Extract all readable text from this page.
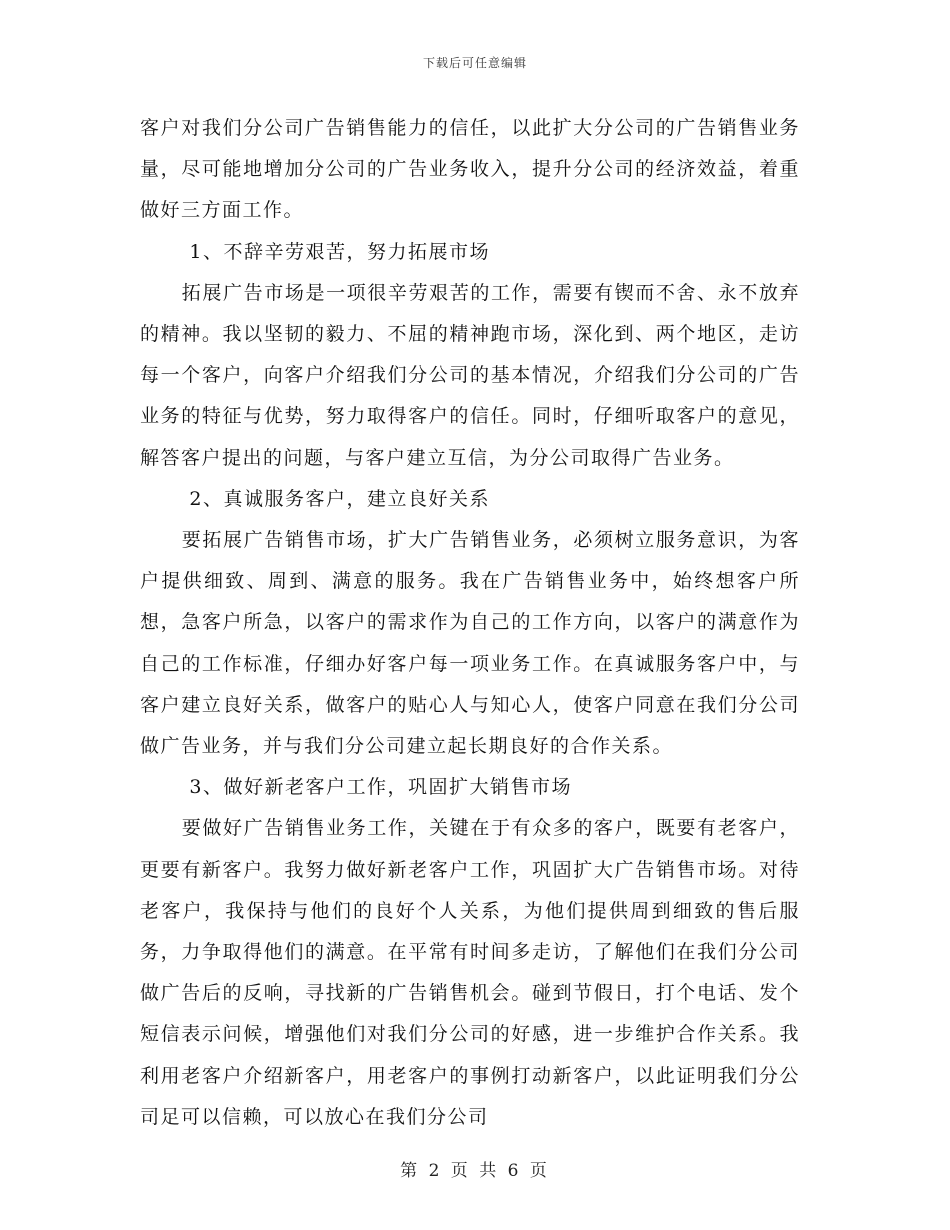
下载后可任意编辑

客户对我们分公司广告销售能力的信任，以此扩大分公司的广告销售业务量，尽可能地增加分公司的广告业务收入，提升分公司的经济效益，着重做好三方面工作。

1、不辞辛劳艰苦，努力拓展市场

拓展广告市场是一项很辛劳艰苦的工作，需要有锲而不舍、永不放弃的精神。我以坚韧的毅力、不屈的精神跑市场，深化到、两个地区，走访每一个客户，向客户介绍我们分公司的基本情况，介绍我们分公司的广告业务的特征与优势，努力取得客户的信任。同时，仔细听取客户的意见，解答客户提出的问题，与客户建立互信，为分公司取得广告业务。

2、真诚服务客户，建立良好关系

要拓展广告销售市场，扩大广告销售业务，必须树立服务意识，为客户提供细致、周到、满意的服务。我在广告销售业务中，始终想客户所想，急客户所急，以客户的需求作为自己的工作方向，以客户的满意作为自己的工作标准，仔细办好客户每一项业务工作。在真诚服务客户中，与客户建立良好关系，做客户的贴心人与知心人，使客户同意在我们分公司做广告业务，并与我们分公司建立起长期良好的合作关系。

3、做好新老客户工作，巩固扩大销售市场

要做好广告销售业务工作，关键在于有众多的客户，既要有老客户，更要有新客户。我努力做好新老客户工作，巩固扩大广告销售市场。对待老客户，我保持与他们的良好个人关系，为他们提供周到细致的售后服务，力争取得他们的满意。在平常有时间多走访，了解他们在我们分公司做广告后的反响，寻找新的广告销售机会。碰到节假日，打个电话、发个短信表示问候，增强他们对我们分公司的好感，进一步维护合作关系。我利用老客户介绍新客户，用老客户的事例打动新客户，以此证明我们分公司足可以信赖，可以放心在我们分公司

第 2 页 共 6 页
